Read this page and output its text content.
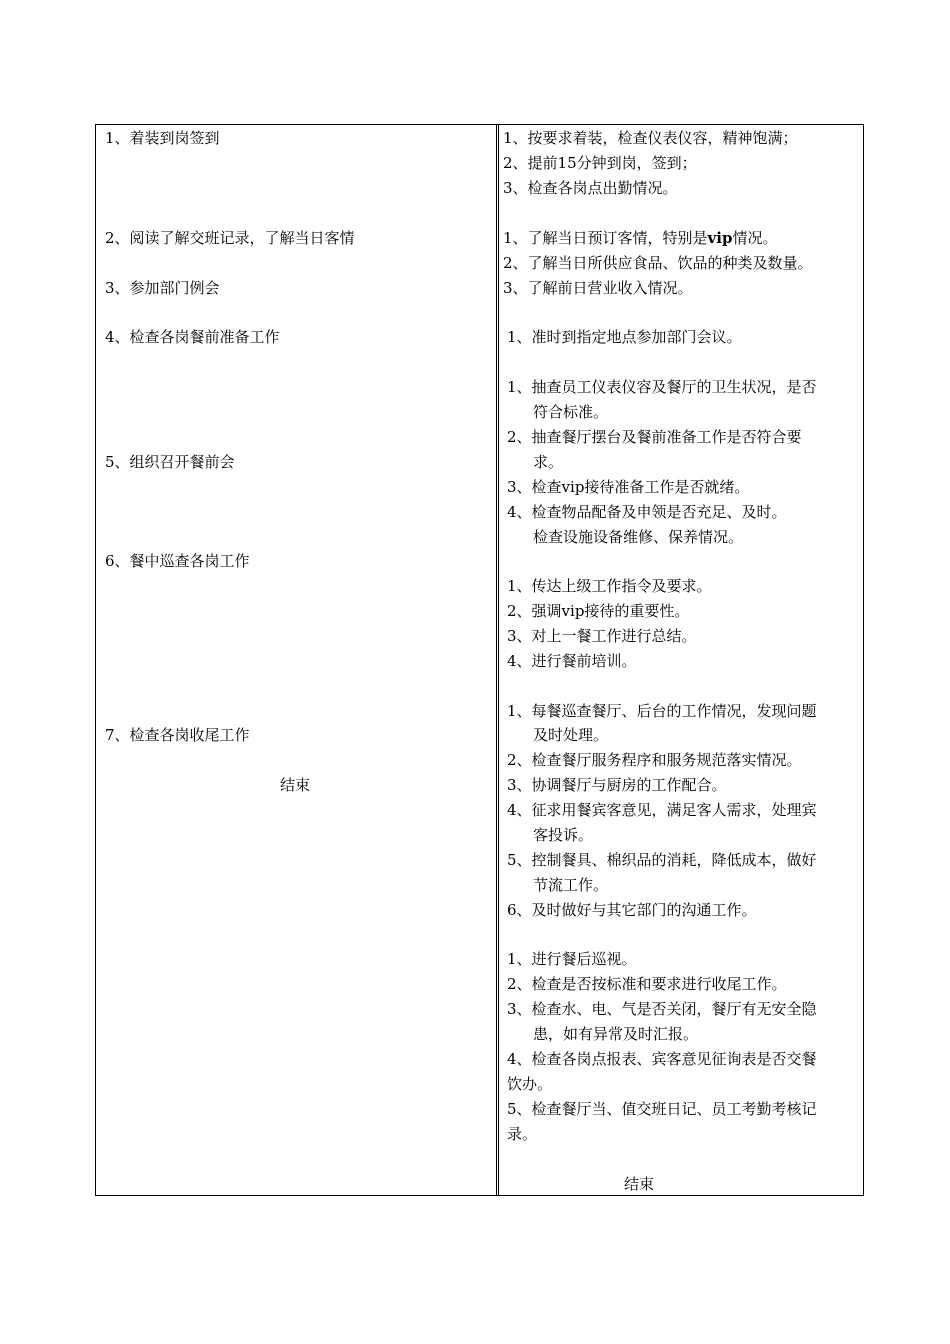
1、着装到岗签到
2、阅读了解交班记录，了解当日客情
3、参加部门例会
4、检查各岗餐前准备工作
5、组织召开餐前会
6、餐中巡查各岗工作
7、检查各岗收尾工作
结束
1、按要求着装，检查仪表仪容，精神饱满；
2、提前15分钟到岗，签到；
3、检查各岗点出勤情况。
1、了解当日预订客情，特别是vip情况。
2、了解当日所供应食品、饮品的种类及数量。
3、了解前日营业收入情况。
1、准时到指定地点参加部门会议。
1、抽查员工仪表仪容及餐厅的卫生状况，是否
符合标准。
2、抽查餐厅摆台及餐前准备工作是否符合要
求。
3、检查vip接待准备工作是否就绪。
4、检查物品配备及申领是否充足、及时。
检查设施设备维修、保养情况。
1、传达上级工作指令及要求。
2、强调vip接待的重要性。
3、对上一餐工作进行总结。
4、进行餐前培训。
1、每餐巡查餐厅、后台的工作情况，发现问题
及时处理。
2、检查餐厅服务程序和服务规范落实情况。
3、协调餐厅与厨房的工作配合。
4、征求用餐宾客意见，满足客人需求，处理宾
客投诉。
5、控制餐具、棉织品的消耗，降低成本，做好
节流工作。
6、及时做好与其它部门的沟通工作。
1、进行餐后巡视。
2、检查是否按标准和要求进行收尾工作。
3、检查水、电、气是否关闭，餐厅有无安全隐
患，如有异常及时汇报。
4、检查各岗点报表、宾客意见征询表是否交餐
饮办。
5、检查餐厅当、值交班日记、员工考勤考核记
录。
结束
